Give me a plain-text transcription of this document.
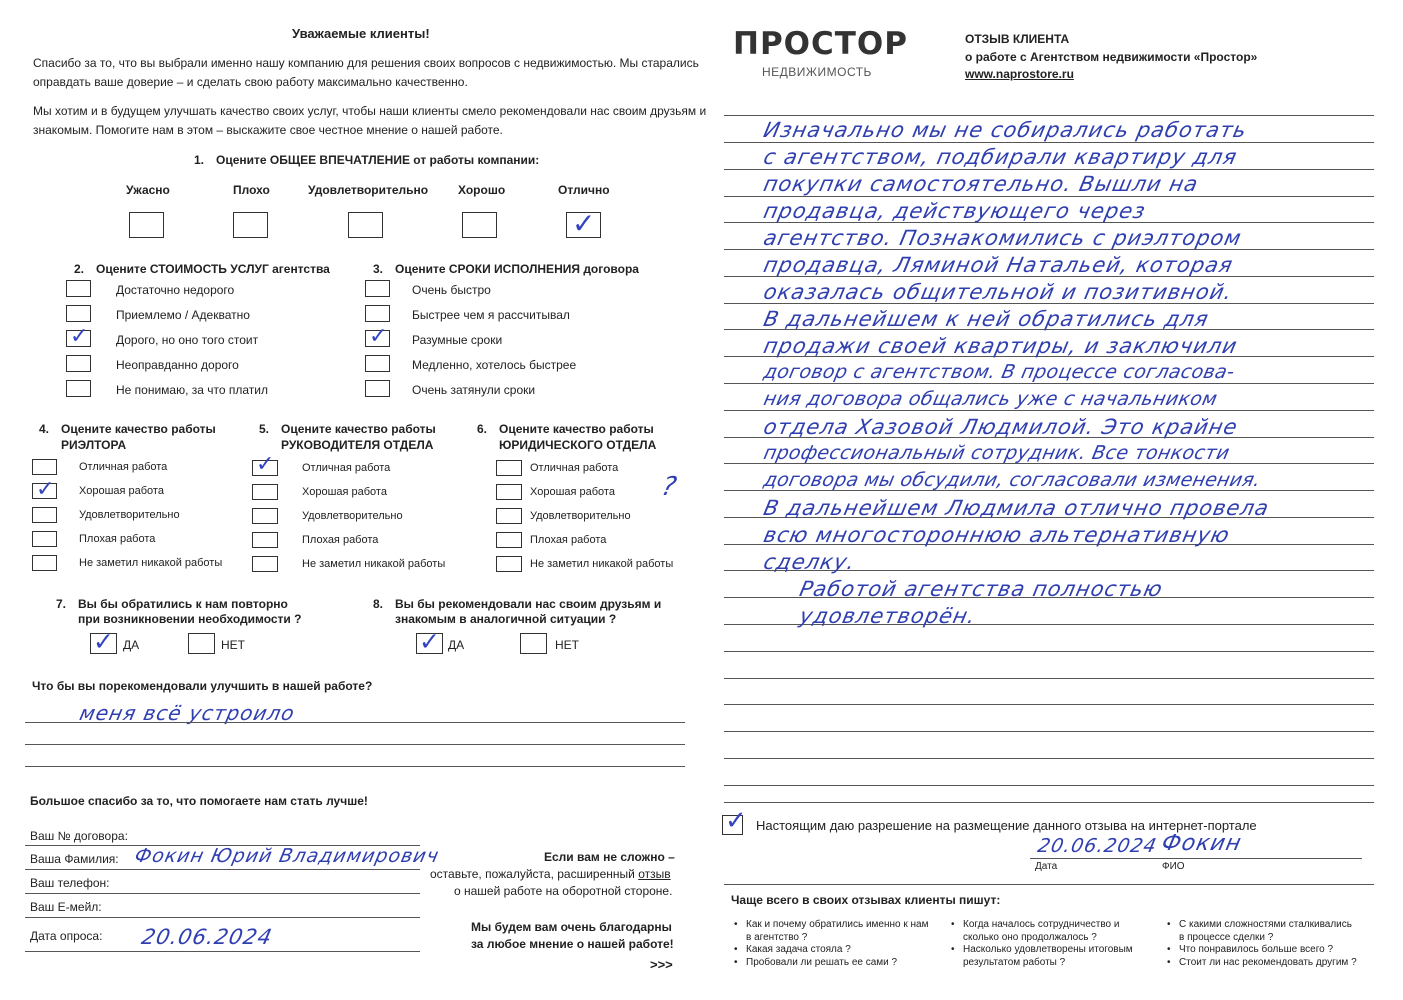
Уважаемые клиенты!
Спасибо за то, что вы выбрали именно нашу компанию для решения своих вопросов с недвижимостью. Мы старались
оправдать ваше доверие – и сделать свою работу максимально качественно.
Мы хотим и в будущем улучшать качество своих услуг, чтобы наши клиенты смело рекомендовали нас своим друзьям и
знакомым. Помогите нам в этом – выскажите свое честное мнение о нашей работе.
1. Оцените ОБЩЕЕ ВПЕЧАТЛЕНИЕ от работы компании:
Ужасно	Плохо	Удовлетворительно Хорошо	Отлично
✓
2. Оцените СТОИМОСТЬ УСЛУГ агентства
Достаточно недорого
Приемлемо / Адекватно
✓ Дорого, но оно того стоит
Неоправданно дорого
Не понимаю, за что платил
3. Оцените СРОКИ ИСПОЛНЕНИЯ договора
Очень быстро
Быстрее чем я рассчитывал
✓ Разумные сроки
Медленно, хотелось быстрее
Очень затянули сроки
4. Оцените качество работы
РИЭЛТОРА
Отличная работа
✓ Хорошая работа
Удовлетворительно
Плохая работа
Не заметил никакой работы
5. Оцените качество работы
РУКОВОДИТЕЛЯ ОТДЕЛА
✓	Отличная работа
Хорошая работа
Удовлетворительно
Плохая работа
Не заметил никакой работы
6. Оцените качество работы
ЮРИДИЧЕСКОГО ОТДЕЛА
Отличная работа
Хорошая работа
Удовлетворительно
Плохая работа
Не заметил никакой работы
?
7. Вы бы обратились к нам повторно
при возникновении необходимости ?
✓ ДА	НЕТ
8. Вы бы рекомендовали нас своим друзьям и
знакомым в аналогичной ситуации ?
✓ ДА	НЕТ
Что бы вы порекомендовали улучшить в нашей работе?
меня всё устроило
Большое спасибо за то, что помогаете нам стать лучше!
Ваш № договора:
Ваша Фамилия: Фокин Юрий Владимирович
Ваш телефон:
Ваш Е-мейл:
Дата опроса: 20.06.2024
Если вам не сложно –
оставьте, пожалуйста, расширенный отзыв
о нашей работе на оборотной стороне.
Мы будем вам очень благодарны
за любое мнение о нашей работе!
>>>
ПРОСТОР
НЕДВИЖИМОСТЬ
ОТЗЫВ КЛИЕНТА
о работе с Агентством недвижимости «Простор»
www.naprostore.ru
Изначально мы не собирались работать
с агентством, подбирали квартиру для
покупки самостоятельно. Вышли на
продавца, действующего через
агентство. Познакомились с риэлтором
продавца, Ляминой Натальей, которая
оказалась общительной и позитивной.
В дальнейшем к ней обратились для
продажи своей квартиры, и заключили
договор с агентством. В процессе согласова-
ния договора общались уже с начальником
отдела Хазовой Людмилой. Это крайне
профессиональный сотрудник. Все тонкости
договора мы обсудили, согласовали изменения.
В дальнейшем Людмила отлично провела
всю многостороннюю альтернативную
сделку.
Работой агентства полностью
удовлетворён.
✓ Настоящим даю разрешение на размещение данного отзыва на интернет-портале
20.06.2024 Фокин
Дата	ФИО
Чаще всего в своих отзывах клиенты пишут:
• Как и почему обратились именно к нам в агентство ?
• Какая задача стояла ?
• Пробовали ли решать ее сами ?
• Когда началось сотрудничество и сколько оно продолжалось ?
• Насколько удовлетворены итоговым результатом работы ?
• С какими сложностями сталкивались в процессе сделки ?
• Что понравилось больше всего ?
• Стоит ли нас рекомендовать другим ?
